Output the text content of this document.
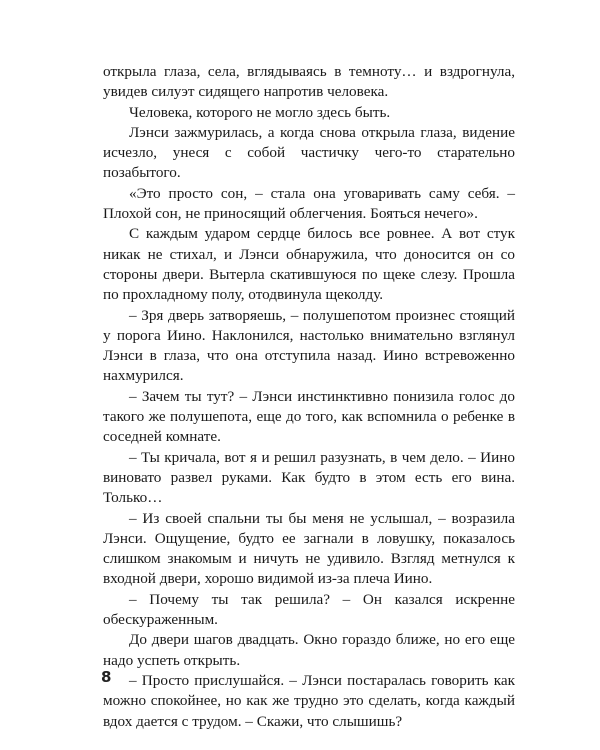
открыла глаза, села, вглядываясь в темноту… и вздрогнула, увидев силуэт сидящего напротив человека.

Человека, которого не могло здесь быть.

Лэнси зажмурилась, а когда снова открыла глаза, видение исчезло, унеся с собой частичку чего-то старательно позабытого.

«Это просто сон, – стала она уговаривать саму себя. – Плохой сон, не приносящий облегчения. Бояться нечего».

С каждым ударом сердце билось все ровнее. А вот стук никак не стихал, и Лэнси обнаружила, что доносится он со стороны двери. Вытерла скатившуюся по щеке слезу. Прошла по прохладному полу, отодвинула щеколду.

– Зря дверь затворяешь, – полушепотом произнес стоящий у порога Иино. Наклонился, настолько внимательно взглянул Лэнси в глаза, что она отступила назад. Иино встревоженно нахмурился.

– Зачем ты тут? – Лэнси инстинктивно понизила голос до такого же полушепота, еще до того, как вспомнила о ребенке в соседней комнате.

– Ты кричала, вот я и решил разузнать, в чем дело. – Иино виновато развел руками. Как будто в этом есть его вина. Только…

– Из своей спальни ты бы меня не услышал, – возразила Лэнси. Ощущение, будто ее загнали в ловушку, показалось слишком знакомым и ничуть не удивило. Взгляд метнулся к входной двери, хорошо видимой из-за плеча Иино.

– Почему ты так решила? – Он казался искренне обескураженным.

До двери шагов двадцать. Окно гораздо ближе, но его еще надо успеть открыть.

– Просто прислушайся. – Лэнси постаралась говорить как можно спокойнее, но как же трудно это сделать, когда каждый вдох дается с трудом. – Скажи, что слышишь?

8
